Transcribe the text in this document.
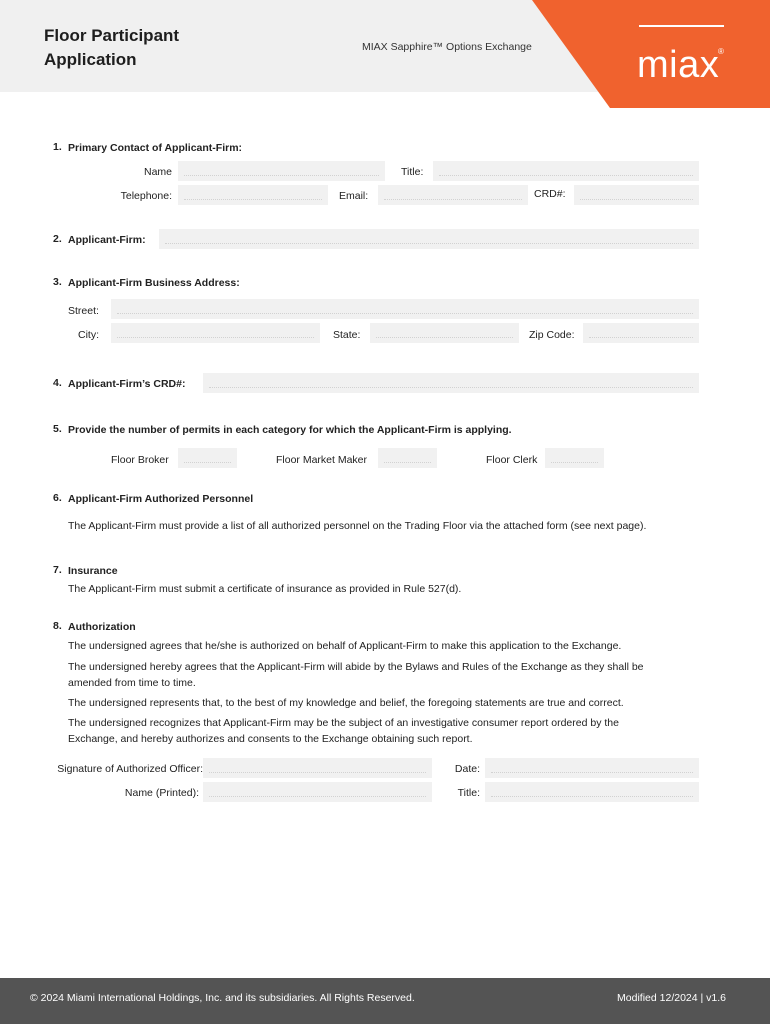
Floor Participant
Application
MIAX Sapphire™ Options Exchange	miax
®
1. Primary Contact of Applicant-Firm:
Name	Title:
Telephone:	Email:	CRD#:
2. Applicant-Firm:
3. Applicant-Firm Business Address:
Street:
City:	State:	Zip Code:
4. Applicant-Firm’s CRD#:
5. Provide the number of permits in each category for which the Applicant-Firm is applying.
Floor Broker	Floor Market Maker	Floor Clerk
6. Applicant-Firm Authorized Personnel
The Applicant-Firm must provide a list of all authorized personnel on the Trading Floor via the attached form (see next page).
7. Insurance
The Applicant-Firm must submit a certificate of insurance as provided in Rule 527(d).
8. Authorization
The undersigned agrees that he/she is authorized on behalf of Applicant-Firm to make this application to the Exchange.
The undersigned hereby agrees that the Applicant-Firm will abide by the Bylaws and Rules of the Exchange as they shall be
amended from time to time.
The undersigned represents that, to the best of my knowledge and belief, the foregoing statements are true and correct.
The undersigned recognizes that Applicant-Firm may be the subject of an investigative consumer report ordered by the
Exchange, and hereby authorizes and consents to the Exchange obtaining such report.
Signature of Authorized Officer:	Date:
Name (Printed):	Title:
© 2024 Miami International Holdings, Inc. and its subsidiaries. All Rights Reserved.	Modified 12/2024 | v1.6
